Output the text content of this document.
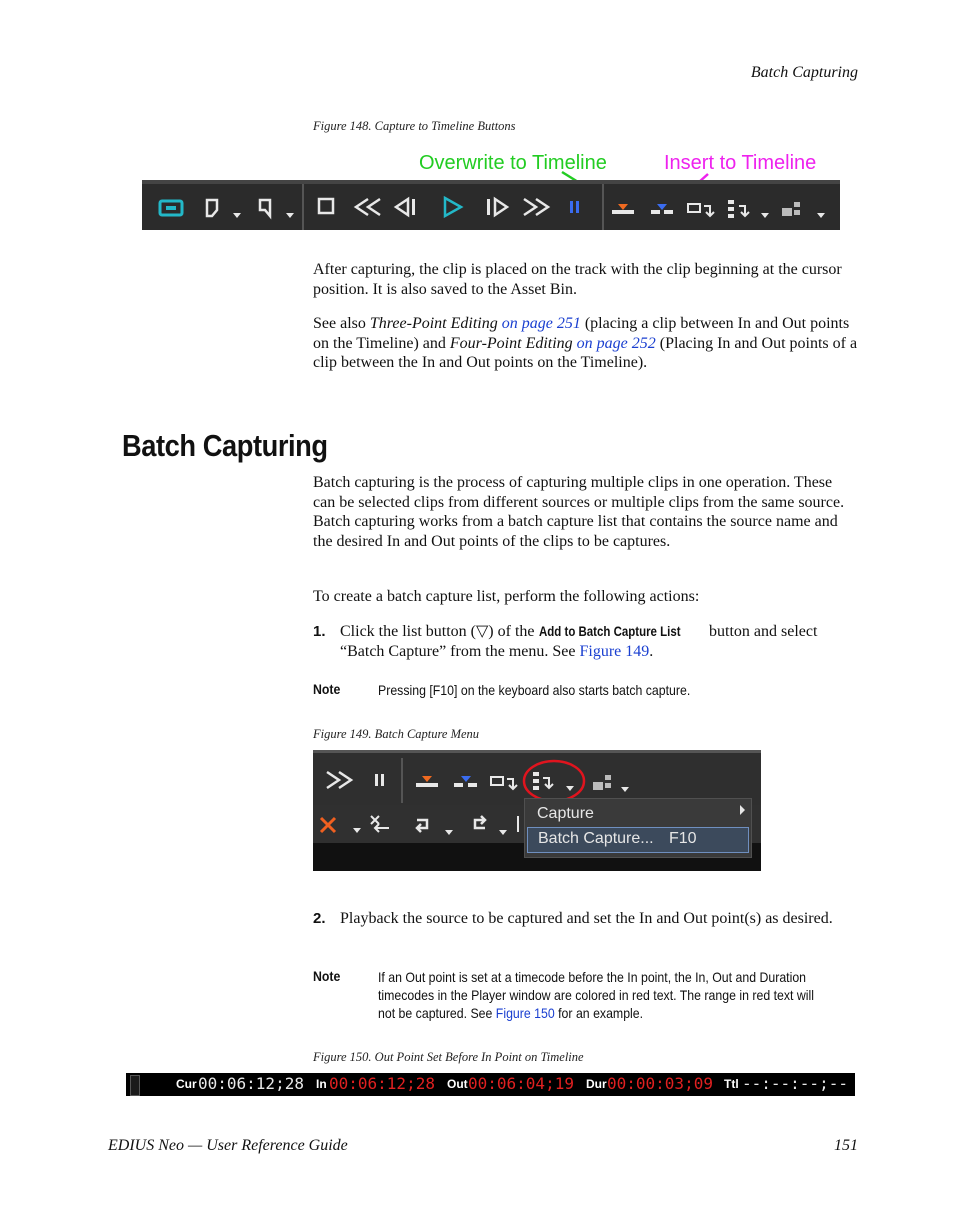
Batch Capturing
Figure 148. Capture to Timeline Buttons
Overwrite to Timeline	Insert to Timeline

After capturing, the clip is placed on the track with the clip beginning at the cursor position. It is also saved to the Asset Bin.

See also Three-Point Editing on page 251 (placing a clip between In and Out points on the Timeline) and Four-Point Editing on page 252 (Placing In and Out points of a clip between the In and Out points on the Timeline).

Batch Capturing

Batch capturing is the process of capturing multiple clips in one operation. These can be selected clips from different sources or multiple clips from the same source. Batch capturing works from a batch capture list that contains the source name and the desired In and Out points of the clips to be captures.

To create a batch capture list, perform the following actions:

1. Click the list button (▽) of the Add to Batch Capture List button and select “Batch Capture” from the menu. See Figure 149.
Note	Pressing [F10] on the keyboard also starts batch capture.
Figure 149. Batch Capture Menu
Capture
Batch Capture... F10
2. Playback the source to be captured and set the In and Out point(s) as desired.
Note	If an Out point is set at a timecode before the In point, the In, Out and Duration timecodes in the Player window are colored in red text. The range in red text will not be captured. See Figure 150 for an example.
Figure 150. Out Point Set Before In Point on Timeline
Cur 00:06:12;28 In 00:06:12;28 Out 00:06:04;19 Dur 00:00:03;09 Ttl --:--:--;--
EDIUS Neo — User Reference Guide	151
